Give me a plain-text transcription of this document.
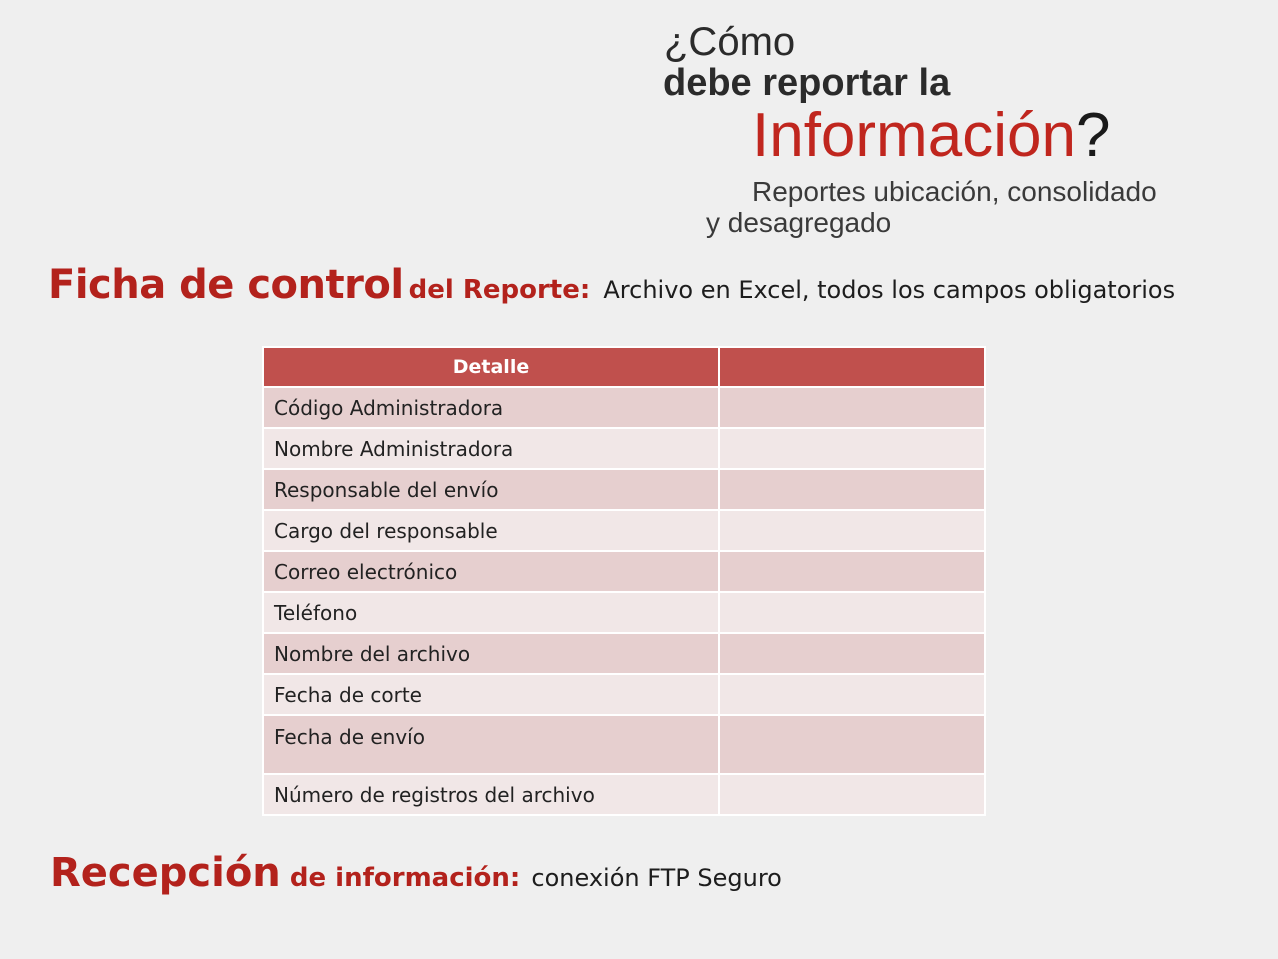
¿Cómo
debe reportar la
Información?
Reportes ubicación, consolidado
y desagregado
Ficha de control del Reporte: Archivo en Excel, todos los campos obligatorios
Detalle	
Código Administradora	
Nombre Administradora	
Responsable del envío	
Cargo del responsable	
Correo electrónico	
Teléfono	
Nombre del archivo	
Fecha de corte	
Fecha de envío	
Número de registros del archivo	
Recepción de información: conexión FTP Seguro
